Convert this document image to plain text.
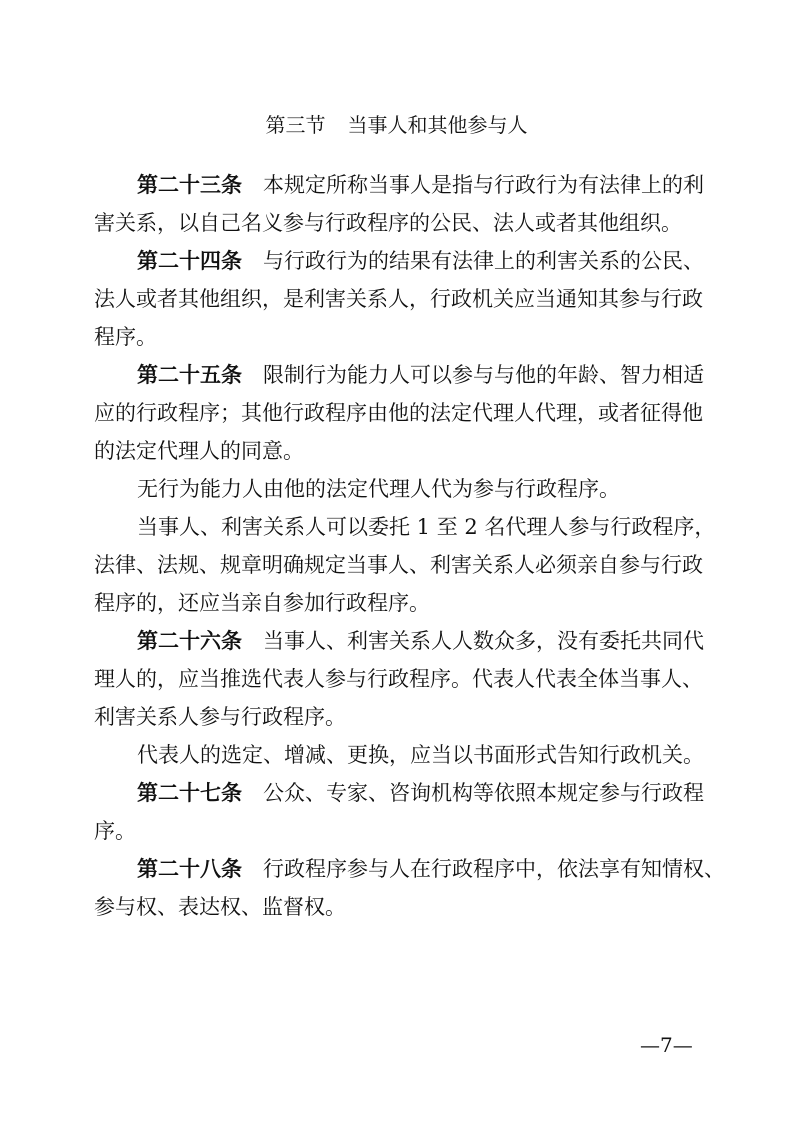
第三节 当事人和其他参与人
第二十三条 本规定所称当事人是指与行政行为有法律上的利
害关系，以自己名义参与行政程序的公民、法人或者其他组织。
第二十四条 与行政行为的结果有法律上的利害关系的公民、
法人或者其他组织，是利害关系人，行政机关应当通知其参与行政
程序。
第二十五条 限制行为能力人可以参与与他的年龄、智力相适
应的行政程序；其他行政程序由他的法定代理人代理，或者征得他
的法定代理人的同意。
无行为能力人由他的法定代理人代为参与行政程序。
当事人、利害关系人可以委托 1 至 2 名代理人参与行政程序，
法律、法规、规章明确规定当事人、利害关系人必须亲自参与行政
程序的，还应当亲自参加行政程序。
第二十六条 当事人、利害关系人人数众多，没有委托共同代
理人的，应当推选代表人参与行政程序。代表人代表全体当事人、
利害关系人参与行政程序。
代表人的选定、增减、更换，应当以书面形式告知行政机关。
第二十七条 公众、专家、咨询机构等依照本规定参与行政程
序。
第二十八条 行政程序参与人在行政程序中，依法享有知情权、
参与权、表达权、监督权。
—7—
